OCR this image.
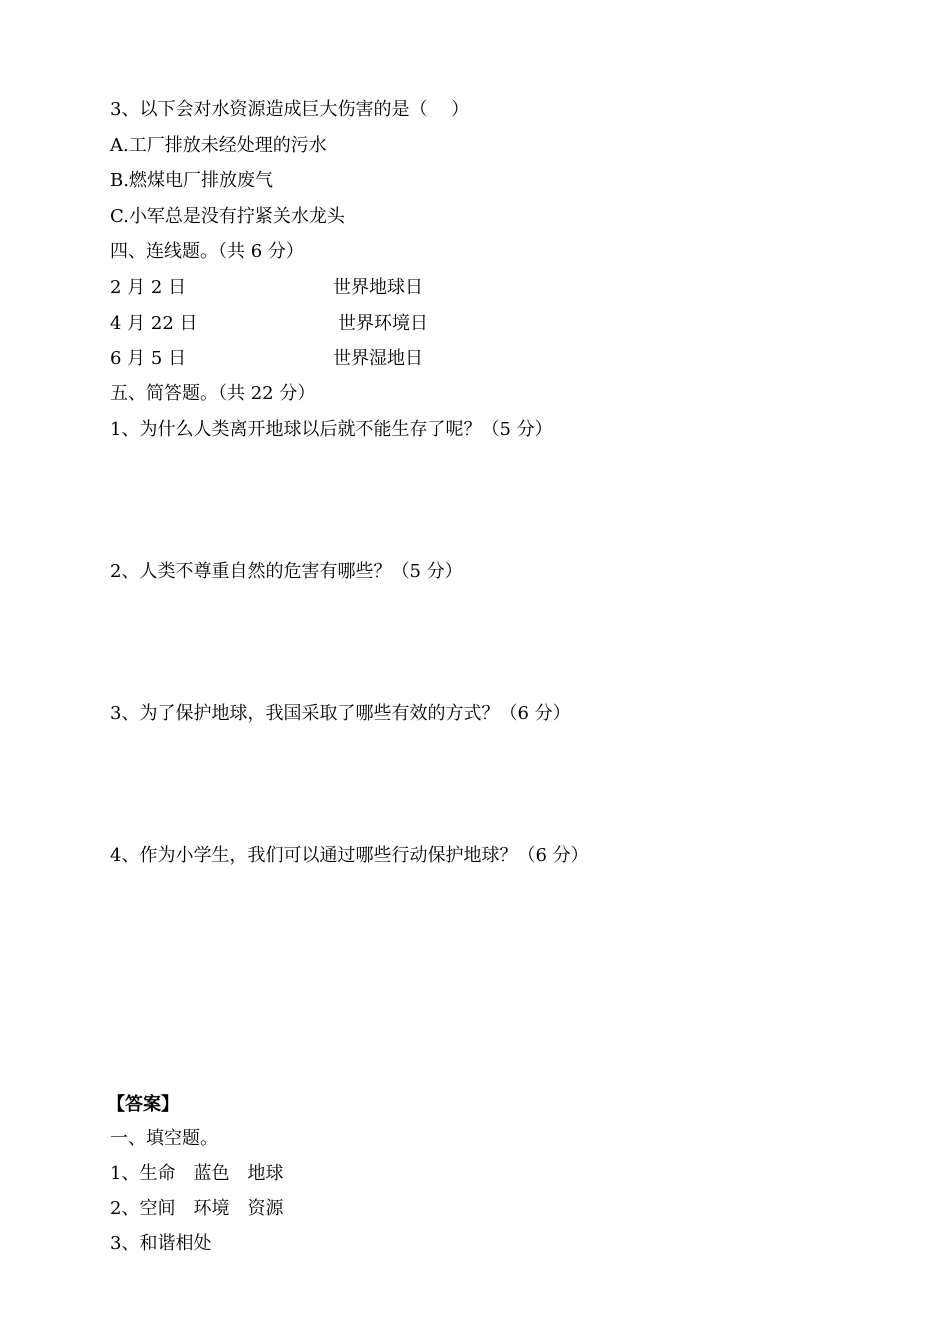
3、以下会对水资源造成巨大伤害的是（　 ）
A.工厂排放未经处理的污水
B.燃煤电厂排放废气
C.小军总是没有拧紧关水龙头
四、连线题。（共 6 分）
2 月 2 日	世界地球日
4 月 22 日	世界环境日
6 月 5 日	世界湿地日
五、简答题。（共 22 分）
1、为什么人类离开地球以后就不能生存了呢？（5 分）
2、人类不尊重自然的危害有哪些？（5 分）
3、为了保护地球，我国采取了哪些有效的方式？（6 分）
4、作为小学生，我们可以通过哪些行动保护地球？（6 分）
【答案】
一、填空题。
1、生命　蓝色　地球
2、空间　环境　资源
3、和谐相处
